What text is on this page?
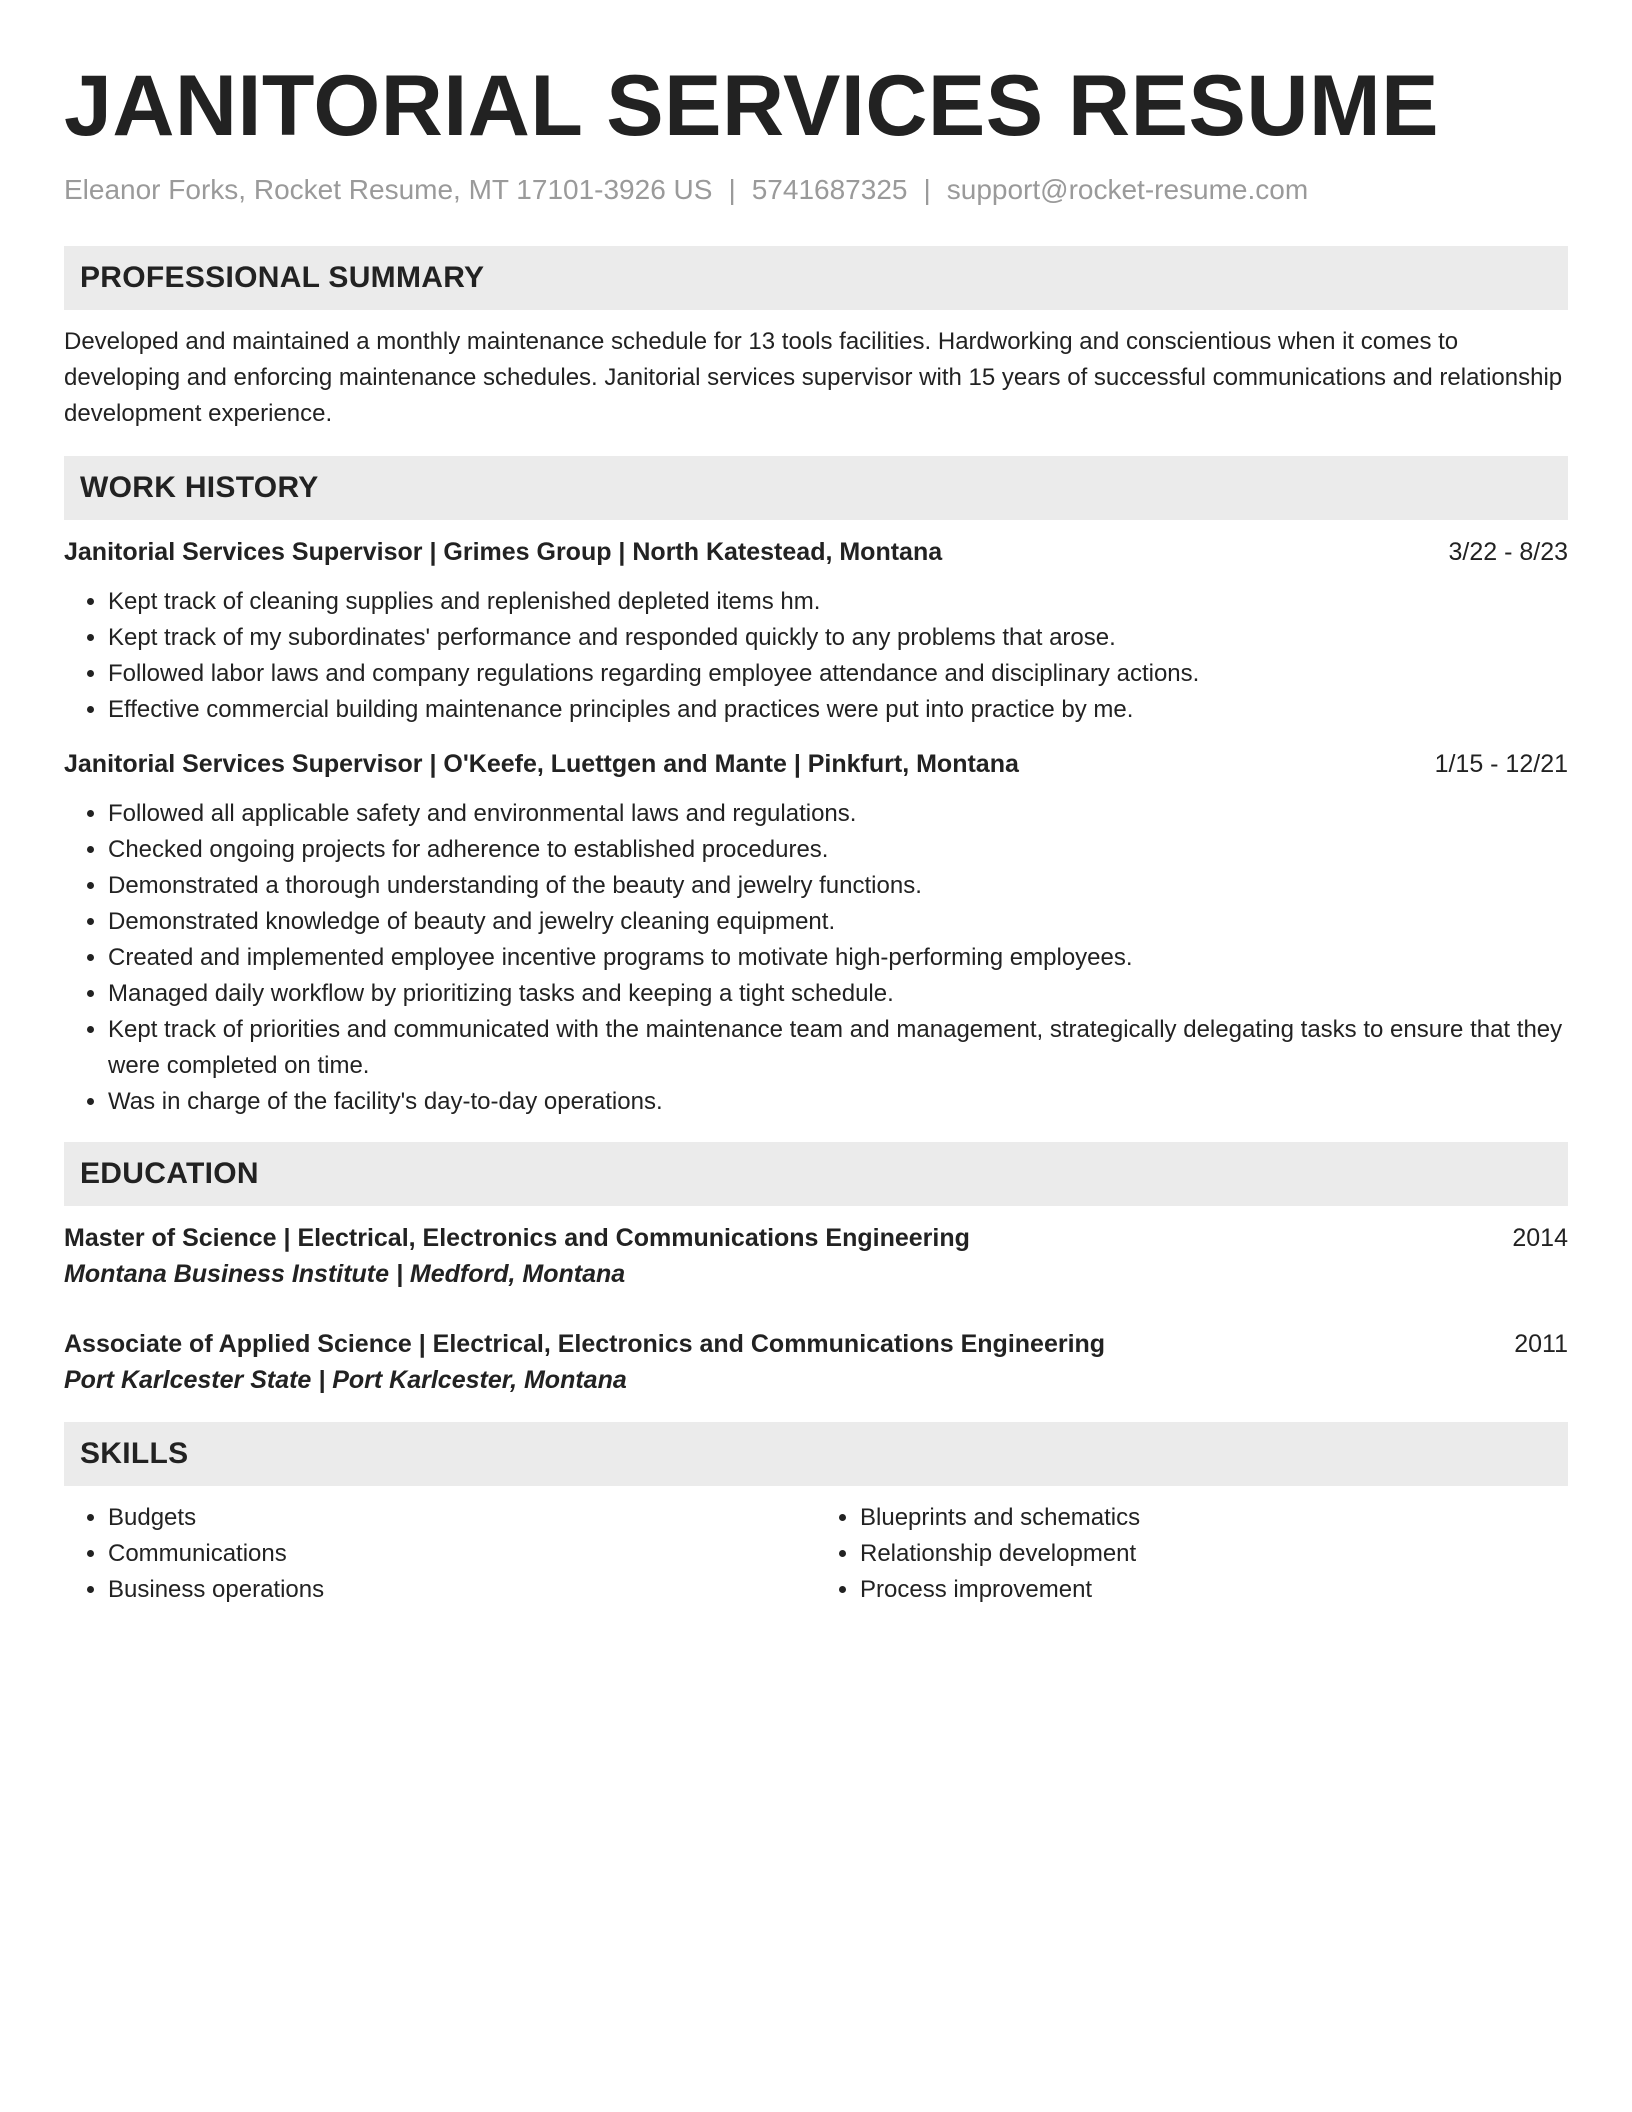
JANITORIAL SERVICES RESUME
Eleanor Forks, Rocket Resume, MT 17101-3926 US | 5741687325 | support@rocket-resume.com
PROFESSIONAL SUMMARY

Developed and maintained a monthly maintenance schedule for 13 tools facilities. Hardworking and conscientious when it comes to developing and enforcing maintenance schedules. Janitorial services supervisor with 15 years of successful communications and relationship development experience.

WORK HISTORY
Janitorial Services Supervisor | Grimes Group | North Katestead, Montana	3/22 - 8/23
• Kept track of cleaning supplies and replenished depleted items hm.
• Kept track of my subordinates' performance and responded quickly to any problems that arose.
• Followed labor laws and company regulations regarding employee attendance and disciplinary actions.
• Effective commercial building maintenance principles and practices were put into practice by me.
Janitorial Services Supervisor | O'Keefe, Luettgen and Mante | Pinkfurt, Montana	1/15 - 12/21
• Followed all applicable safety and environmental laws and regulations.
• Checked ongoing projects for adherence to established procedures.
• Demonstrated a thorough understanding of the beauty and jewelry functions.
• Demonstrated knowledge of beauty and jewelry cleaning equipment.
• Created and implemented employee incentive programs to motivate high-performing employees.
• Managed daily workflow by prioritizing tasks and keeping a tight schedule.
• Kept track of priorities and communicated with the maintenance team and management, strategically delegating tasks to ensure that they were completed on time.
• Was in charge of the facility's day-to-day operations.
EDUCATION
Master of Science | Electrical, Electronics and Communications Engineering	2014
Montana Business Institute | Medford, Montana
Associate of Applied Science | Electrical, Electronics and Communications Engineering	2011
Port Karlcester State | Port Karlcester, Montana
SKILLS
• Budgets
• Communications
• Business operations
• Blueprints and schematics
• Relationship development
• Process improvement
